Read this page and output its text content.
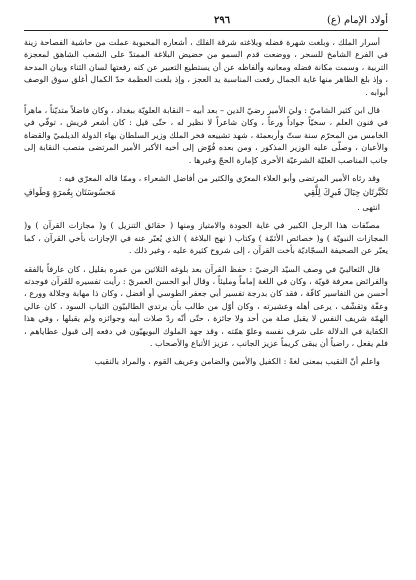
٢٩٦	أولاد الإمام (ع)

أسرار الملك ، وبلغت شهرة فضله وبلاغته شرقة الفلك ، أشعاره المحبوبة عملت من حاشية الفصاحة زينة في الفرع الشامخ للسحر ، ووضعت قدم السمو من حضيض البلاغة الممتدّ على الشعب الشاهق لمعجزة التربية ، وسمت مكانة فضله ومعانيه وألفاظه عن أن يستطيع التعبير عن كنه رفعتها لسان الثناء وبيان المدحة ، وإذ بلغ الظاهر منها غاية الجمال رفعت المناسبة يد العجز ، وإذ بلغت العظمة حدّ الكمال أغلق سوق الوصف أبوابه .

قال ابن كثير الشاميّ : وليَ الأمير رضيّ الدين – بعد أبيه – النقابة العلويّة ببغداد ، وكان فاضلاً متديّناً ، ماهراً في فنون العلم ، سخيّاً جواداً ورعاً ، وكان شاعراً لا نظير له ، حتّى قيل : كان أشعر قريش ، توفّي في الخامس من المحرّم سنة ستّ وأربعمئة ، شهد تشييعه فخر الملك وزير السلطان بهاء الدولة الديلميّ والقضاة والأعيان ، وصلّى عليه الوزير المذكور ، ومن بعده فُوّض إلى أخيه الأكبر الأمير المرتضى منصب النقابة إلى جانب المناصب العليّة الشرعيّة الأخرى كإمارة الحجّ وغيرها .

وقد رثاه الأمير المرتضى وأبو العلاء المعرّي والكثير من أفاضل الشعراء ، وممّا قاله المعرّي فيه :

تَكَبَّرتَان حِبَالَ قَبرِكَ لِلَّقِي
مَحسُوسَتَان بِعُمرَةٍ وَطَوافِ

انتهى .

مصنّفات هذا الرجل الكبير في غاية الجودة والامتياز ومنها ( حقائق التنزيل ) و( مجازات القرآن ) و( المجازات النبويّة ) و( خصائص الأئمّة ) وكتاب ( نهج البلاغة ) الذي يُعبّر عنه في الإجازات بأخي القرآن ، كما يعبّر عن الصحيفة السجّاديّة بأخت القرآن ، إلى شروح كثيرة عليه ، وغير ذلك .

قال الثعالبيّ في وصف السيّد الرضيّ : حفظ القرآن بعد بلوغه الثلاثين من عمره بقليل ، كان عارفاً بالفقه والفرائض معرفة قويّة ، وكان في اللغة إماماً ومليئاً ، وقال أبو الحسن العمريّ : رأيت تفسيره للقرآن فوجدته أحسن من التفاسير كافّة ، فقد كان بدرجة تفسير أبي جعفر الطوسي أو أفضل ، وكان ذا مهابة وجلالة وورع ، وعفّة وتقشّف ، يرعى أهله وعشيرته ، وكان أوّل من طالب بأن يرتدي الطالبيّون الثياب السود ، كان عالي الهمّة شريف النفس لا يقبل صلة من أحد ولا جائزة ، حتّى أنّه ردّ صلات أبيه وجوائزه ولم يقبلها ، وفي هذا الكفاية في الدلالة على شرف نفسه وعلوّ همّته ، وقد جهد الملوك البويهيّون في دفعه إلى قبول عطاياهم ، فلم يفعل ، راضياً أن يبقى كريماً عزيز الجانب ، عزيز الأتباع والأصحاب .

واعلم أنّ النقيب بمعنى لغةً : الكفيل والأمين والضامن وعريف القوم ، والمراد بالنقيب
